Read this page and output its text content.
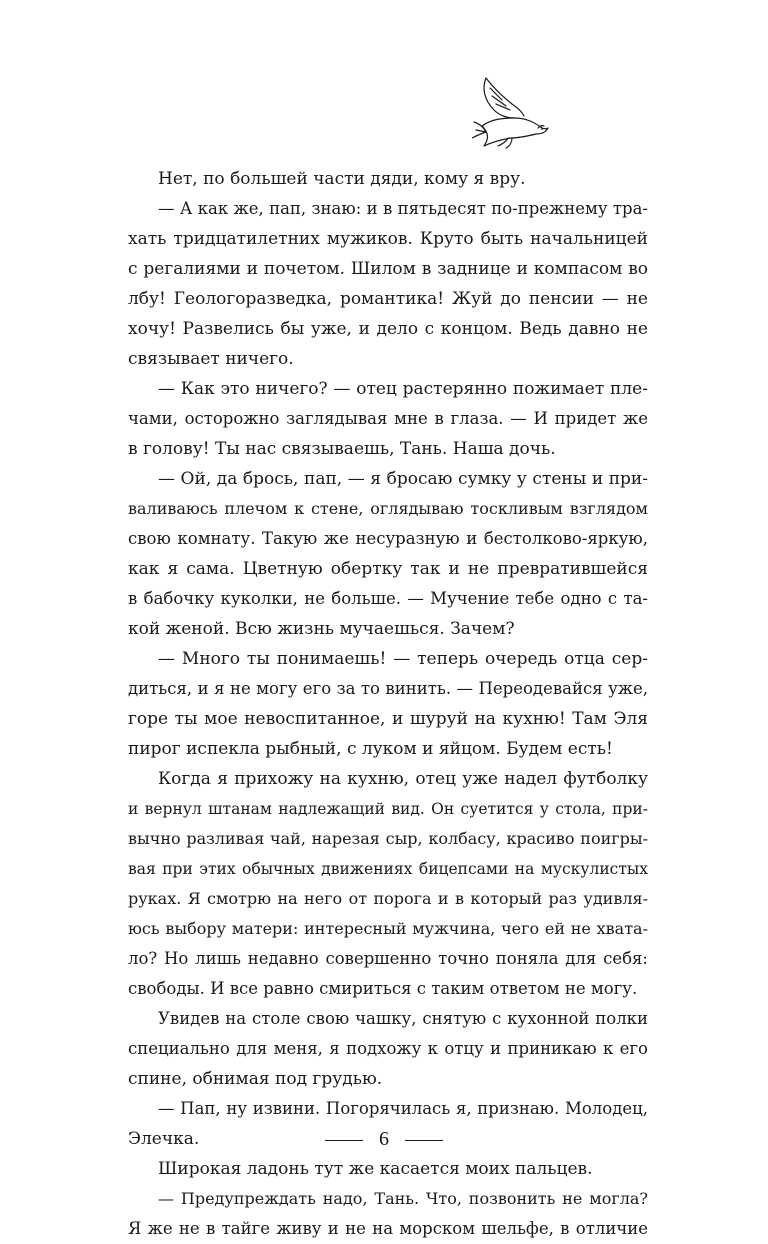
Нет, по большей части дяди, кому я вру.
— А как же, пап, знаю: и в пятьдесят по-прежнему тра-
хать тридцатилетних мужиков. Круто быть начальницей
с регалиями и почетом. Шилом в заднице и компасом во
лбу! Геологоразведка, романтика! Жуй до пенсии — не
хочу! Развелись бы уже, и дело с концом. Ведь давно не
связывает ничего.
— Как это ничего? — отец растерянно пожимает пле-
чами, осторожно заглядывая мне в глаза. — И придет же
в голову! Ты нас связываешь, Тань. Наша дочь.
— Ой, да брось, пап, — я бросаю сумку у стены и при-
валиваюсь плечом к стене, оглядываю тоскливым взглядом
свою комнату. Такую же несуразную и бестолково-яркую,
как я сама. Цветную обертку так и не превратившейся
в бабочку куколки, не больше. — Мучение тебе одно с та-
кой женой. Всю жизнь мучаешься. Зачем?
— Много ты понимаешь! — теперь очередь отца сер-
диться, и я не могу его за то винить. — Переодевайся уже,
горе ты мое невоспитанное, и шуруй на кухню! Там Эля
пирог испекла рыбный, с луком и яйцом. Будем есть!
Когда я прихожу на кухню, отец уже надел футболку
и вернул штанам надлежащий вид. Он суетится у стола, при-
вычно разливая чай, нарезая сыр, колбасу, красиво поигры-
вая при этих обычных движениях бицепсами на мускулистых
руках. Я смотрю на него от порога и в который раз удивля-
юсь выбору матери: интересный мужчина, чего ей не хвата-
ло? Но лишь недавно совершенно точно поняла для себя:
свободы. И все равно смириться с таким ответом не могу.
Увидев на столе свою чашку, снятую с кухонной полки
специально для меня, я подхожу к отцу и приникаю к его
спине, обнимая под грудью.
— Пап, ну извини. Погорячилась я, признаю. Молодец,
Элечка.
Широкая ладонь тут же касается моих пальцев.
— Предупреждать надо, Тань. Что, позвонить не могла?
Я же не в тайге живу и не на морском шельфе, в отличие
6
